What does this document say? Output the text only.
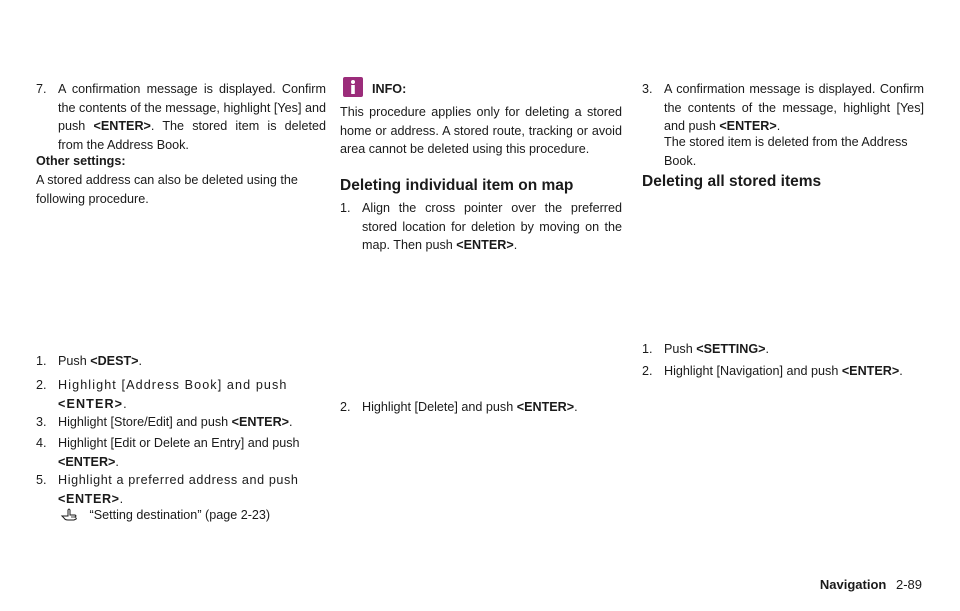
7. A confirmation message is displayed. Confirm the contents of the message, highlight [Yes] and push <ENTER>. The stored item is deleted from the Address Book.
Other settings:
A stored address can also be deleted using the following procedure.
1. Push <DEST>.
2. Highlight [Address Book] and push <ENTER>.
3. Highlight [Store/Edit] and push <ENTER>.
4. Highlight [Edit or Delete an Entry] and push <ENTER>.
5. Highlight a preferred address and push <ENTER>.
“Setting destination” (page 2-23)
INFO:
This procedure applies only for deleting a stored home or address. A stored route, tracking or avoid area cannot be deleted using this procedure.
Deleting individual item on map
1. Align the cross pointer over the preferred stored location for deletion by moving on the map. Then push <ENTER>.
2. Highlight [Delete] and push <ENTER>.
3. A confirmation message is displayed. Confirm the contents of the message, highlight [Yes] and push <ENTER>.
The stored item is deleted from the Address Book.
Deleting all stored items
1. Push <SETTING>.
2. Highlight [Navigation] and push <ENTER>.
Navigation 2-89
